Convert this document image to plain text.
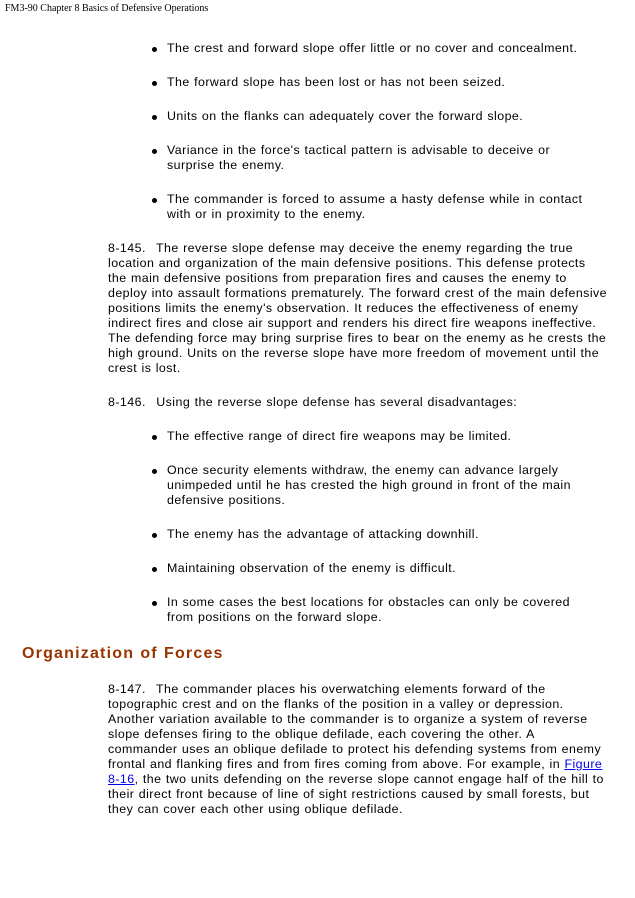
FM3-90 Chapter 8 Basics of Defensive Operations
The crest and forward slope offer little or no cover and concealment.
The forward slope has been lost or has not been seized.
Units on the flanks can adequately cover the forward slope.
Variance in the force's tactical pattern is advisable to deceive or surprise the enemy.
The commander is forced to assume a hasty defense while in contact with or in proximity to the enemy.

8-145. The reverse slope defense may deceive the enemy regarding the true location and organization of the main defensive positions. This defense protects the main defensive positions from preparation fires and causes the enemy to deploy into assault formations prematurely. The forward crest of the main defensive positions limits the enemy's observation. It reduces the effectiveness of enemy indirect fires and close air support and renders his direct fire weapons ineffective. The defending force may bring surprise fires to bear on the enemy as he crests the high ground. Units on the reverse slope have more freedom of movement until the crest is lost.

8-146. Using the reverse slope defense has several disadvantages:

The effective range of direct fire weapons may be limited.
Once security elements withdraw, the enemy can advance largely unimpeded until he has crested the high ground in front of the main defensive positions.
The enemy has the advantage of attacking downhill.
Maintaining observation of the enemy is difficult.
In some cases the best locations for obstacles can only be covered from positions on the forward slope.
Organization of Forces

8-147. The commander places his overwatching elements forward of the topographic crest and on the flanks of the position in a valley or depression. Another variation available to the commander is to organize a system of reverse slope defenses firing to the oblique defilade, each covering the other. A commander uses an oblique defilade to protect his defending systems from enemy frontal and flanking fires and from fires coming from above. For example, in Figure 8-16, the two units defending on the reverse slope cannot engage half of the hill to their direct front because of line of sight restrictions caused by small forests, but they can cover each other using oblique defilade.
